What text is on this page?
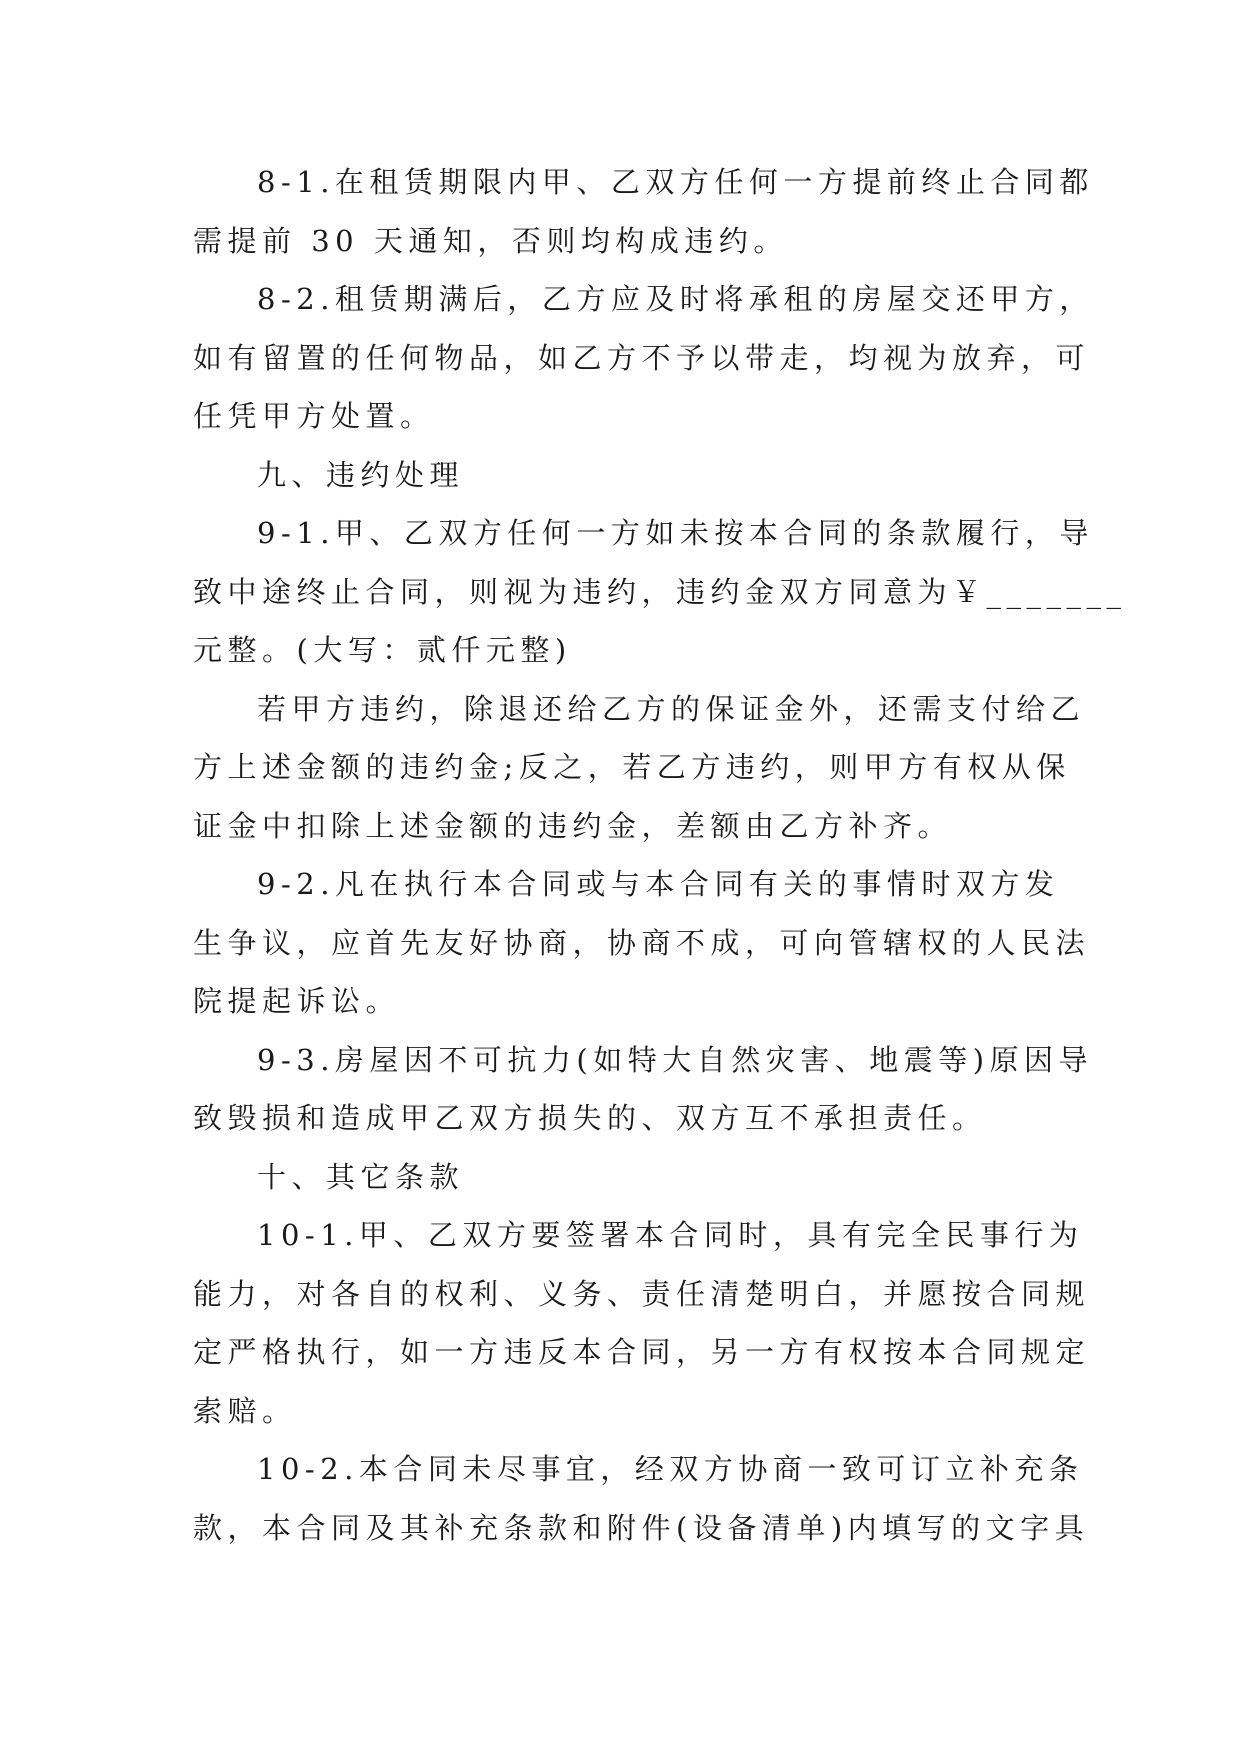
8-1.在租赁期限内甲、乙双方任何一方提前终止合同都
需提前 30 天通知，否则均构成违约。
8-2.租赁期满后，乙方应及时将承租的房屋交还甲方，
如有留置的任何物品，如乙方不予以带走，均视为放弃，可
任凭甲方处置。
九、违约处理
9-1.甲、乙双方任何一方如未按本合同的条款履行，导
致中途终止合同，则视为违约，违约金双方同意为￥_______
元整。(大写：贰仟元整)
若甲方违约，除退还给乙方的保证金外，还需支付给乙
方上述金额的违约金;反之，若乙方违约，则甲方有权从保
证金中扣除上述金额的违约金，差额由乙方补齐。
9-2.凡在执行本合同或与本合同有关的事情时双方发
生争议，应首先友好协商，协商不成，可向管辖权的人民法
院提起诉讼。
9-3.房屋因不可抗力(如特大自然灾害、地震等)原因导
致毁损和造成甲乙双方损失的、双方互不承担责任。
十、其它条款
10-1.甲、乙双方要签署本合同时，具有完全民事行为
能力，对各自的权利、义务、责任清楚明白，并愿按合同规
定严格执行，如一方违反本合同，另一方有权按本合同规定
索赔。
10-2.本合同未尽事宜，经双方协商一致可订立补充条
款，本合同及其补充条款和附件(设备清单)内填写的文字具
